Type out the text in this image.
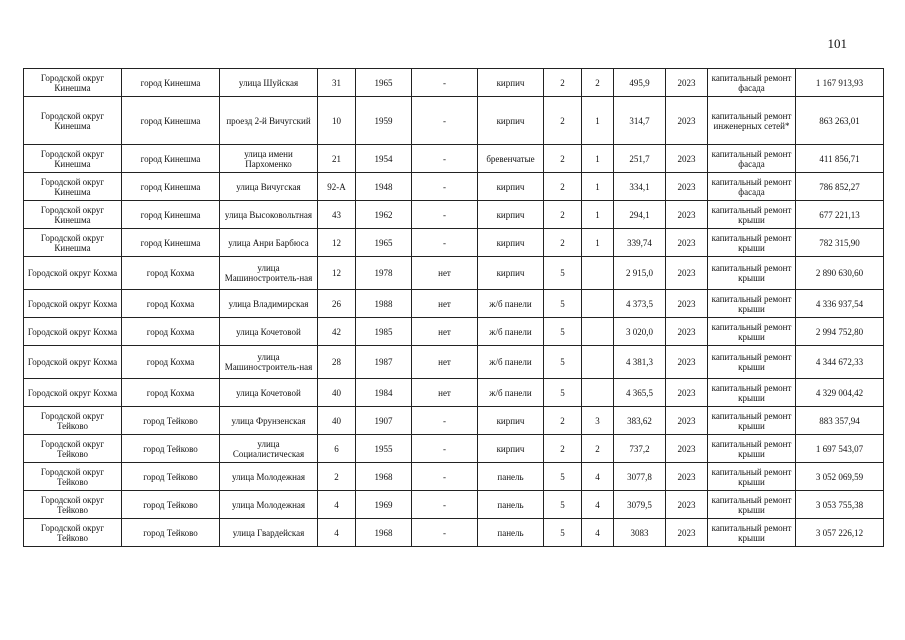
101
Городской округ Кинешма	город Кинешма	улица Шуйская	31	1965	-	кирпич	2	2	495,9	2023	капитальный ремонт фасада	1 167 913,93
Городской округ Кинешма	город Кинешма	проезд 2-й Вичугский	10	1959	-	кирпич	2	1	314,7	2023	капитальный ремонт инженерных сетей*	863 263,01
Городской округ Кинешма	город Кинешма	улица имени Пархоменко	21	1954	-	бревенчатые	2	1	251,7	2023	капитальный ремонт фасада	411 856,71
Городской округ Кинешма	город Кинешма	улица Вичугская	92-А	1948	-	кирпич	2	1	334,1	2023	капитальный ремонт фасада	786 852,27
Городской округ Кинешма	город Кинешма	улица Высоковольтная	43	1962	-	кирпич	2	1	294,1	2023	капитальный ремонт крыши	677 221,13
Городской округ Кинешма	город Кинешма	улица Анри Барбюса	12	1965	-	кирпич	2	1	339,74	2023	капитальный ремонт крыши	782 315,90
Городской округ Кохма	город Кохма	улица Машиностроитель-ная	12	1978	нет	кирпич	5		2 915,0	2023	капитальный ремонт крыши	2 890 630,60
Городской округ Кохма	город Кохма	улица Владимирская	26	1988	нет	ж/б панели	5		4 373,5	2023	капитальный ремонт крыши	4 336 937,54
Городской округ Кохма	город Кохма	улица Кочетовой	42	1985	нет	ж/б панели	5		3 020,0	2023	капитальный ремонт крыши	2 994 752,80
Городской округ Кохма	город Кохма	улица Машиностроитель-ная	28	1987	нет	ж/б панели	5		4 381,3	2023	капитальный ремонт крыши	4 344 672,33
Городской округ Кохма	город Кохма	улица Кочетовой	40	1984	нет	ж/б панели	5		4 365,5	2023	капитальный ремонт крыши	4 329 004,42
Городской округ Тейково	город Тейково	улица Фрунзенская	40	1907	-	кирпич	2	3	383,62	2023	капитальный ремонт крыши	883 357,94
Городской округ Тейково	город Тейково	улица Социалистическая	6	1955	-	кирпич	2	2	737,2	2023	капитальный ремонт крыши	1 697 543,07
Городской округ Тейково	город Тейково	улица Молодежная	2	1968	-	панель	5	4	3077,8	2023	капитальный ремонт крыши	3 052 069,59
Городской округ Тейково	город Тейково	улица Молодежная	4	1969	-	панель	5	4	3079,5	2023	капитальный ремонт крыши	3 053 755,38
Городской округ Тейково	город Тейково	улица Гвардейская	4	1968	-	панель	5	4	3083	2023	капитальный ремонт крыши	3 057 226,12
